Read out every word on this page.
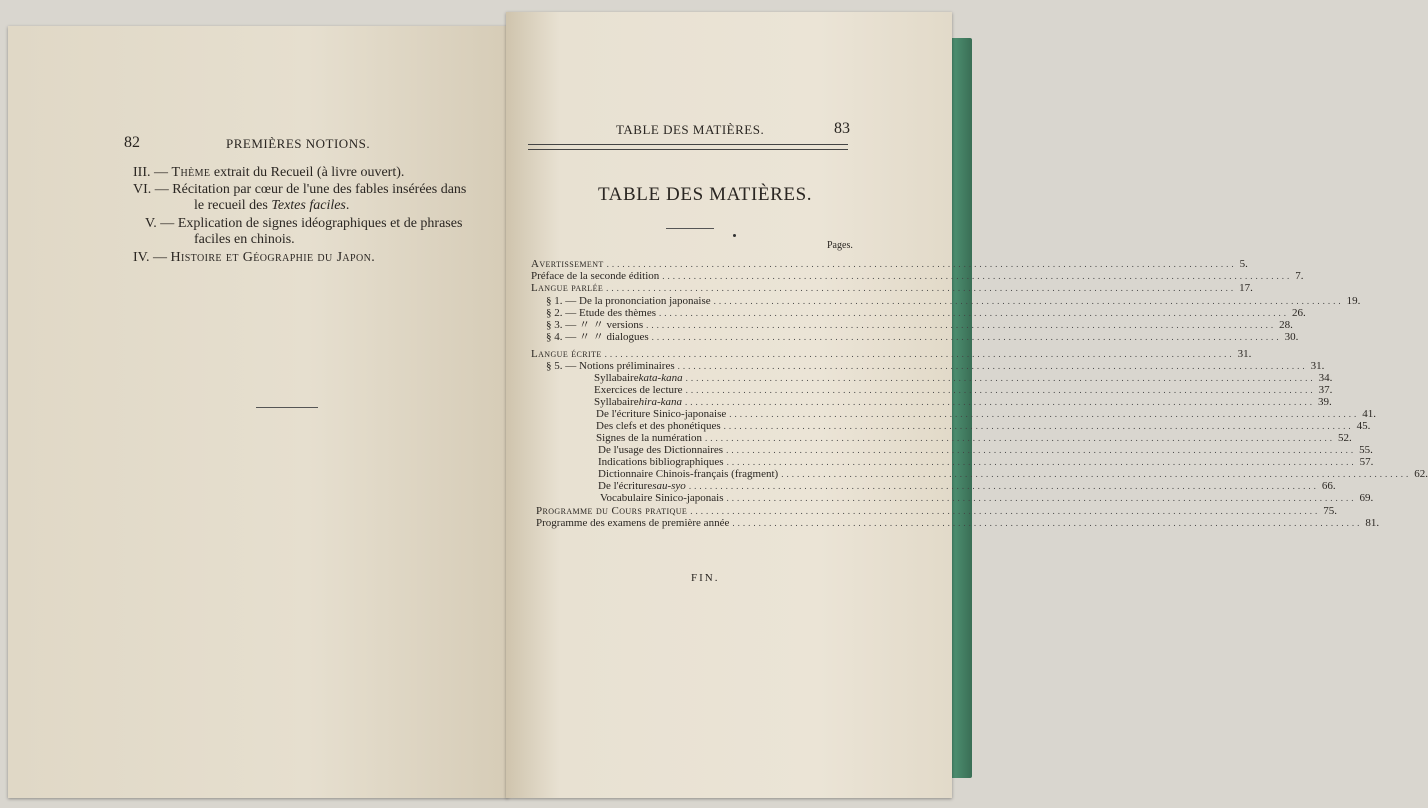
82	PREMIÈRES NOTIONS.
III. — Thème extrait du Recueil (à livre ouvert).
VI. — Récitation par cœur de l'une des fables insérées dans
le recueil des Textes faciles.
V. — Explication de signes idéographiques et de phrases
faciles en chinois.
IV. — Histoire et Géographie du Japon.
TABLE DES MATIÈRES.	83
TABLE DES MATIÈRES.
Pages.
FIN.
Avertissement ........................................................................................................................ 5.
Préface de la seconde édition ........................................................................................................................ 7.
Langue parlée ........................................................................................................................ 17.
§ 1. — De la prononciation japonaise ........................................................................................................................ 19.
§ 2. — Etude des thèmes ........................................................................................................................ 26.
§ 3. — 〃 〃 versions ........................................................................................................................ 28.
§ 4. — 〃 〃 dialogues ........................................................................................................................ 30.
Langue écrite ........................................................................................................................ 31.
§ 5. — Notions préliminaires ........................................................................................................................ 31.
Syllabaire kata-kana ........................................................................................................................ 34.
Exercices de lecture ........................................................................................................................ 37.
Syllabaire hira-kana ........................................................................................................................ 39.
De l'écriture Sinico-japonaise ........................................................................................................................ 41.
Des clefs et des phonétiques ........................................................................................................................ 45.
Signes de la numération ........................................................................................................................ 52.
De l'usage des Dictionnaires ........................................................................................................................ 55.
Indications bibliographiques ........................................................................................................................ 57.
Dictionnaire Chinois-français (fragment) ........................................................................................................................ 62.
De l'écriture sau-syo ........................................................................................................................ 66.
Vocabulaire Sinico-japonais ........................................................................................................................ 69.
Programme du Cours pratique ........................................................................................................................ 75.
Programme des examens de première année ........................................................................................................................ 81.
